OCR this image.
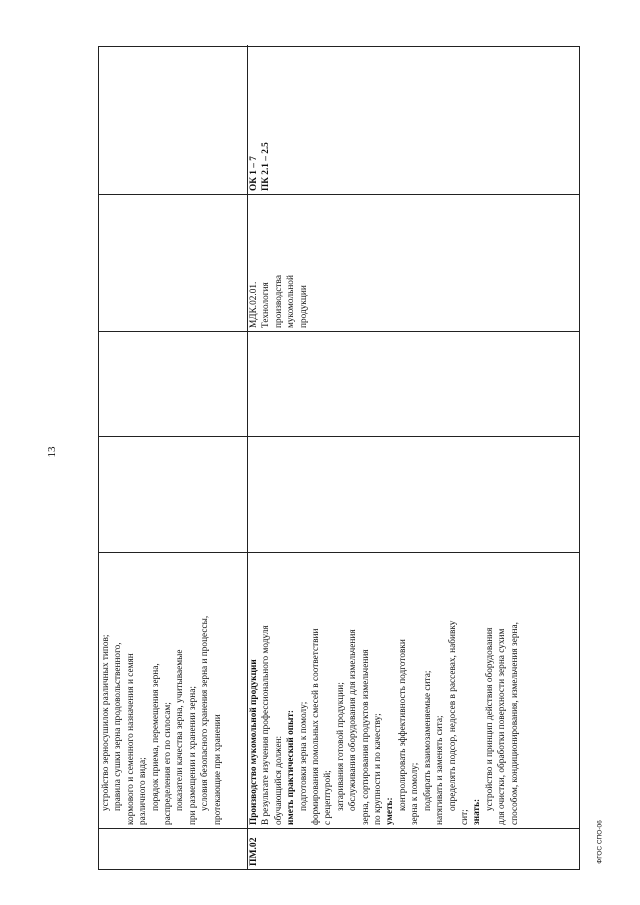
13
устройство зерносушилок различных типов; правила сушки зерна продовольственного, кормового и семенного назначения и семян различного вида; порядок приема, перемещения зерна, распределения его по силосам; показатели качества зерна, учитываемые при размещении и хранении зерна; условия безопасного хранения зерна и процессы, протекающие при хранении
ПМ.02
Производство мукомольной продукции В результате изучения профессионального модуля обучающийся должен: иметь практический опыт: подготовки зерна к помолу; формирования помольных смесей в соответствии с рецептурой; затаривания готовой продукции; обслуживания оборудования для измельчения зерна, сортирования продуктов измельчения по крупности и по качеству; уметь:
контролировать эффективность подготовки зерна к помолу; подбирать взаимозаменяемые сита; натягивать и заменять сита; определять подсор, недосев в рассевах, набивку
сит; знать:
устройство и принцип действия оборудования для очистки, обработки поверхности зерна сухим способом, кондиционирования, измельчения зерна,
МДК.02.01. Технология производства мукомольной продукции
ОК 1 – 7 ПК 2.1 – 2.5
ФГОС СПО-06
